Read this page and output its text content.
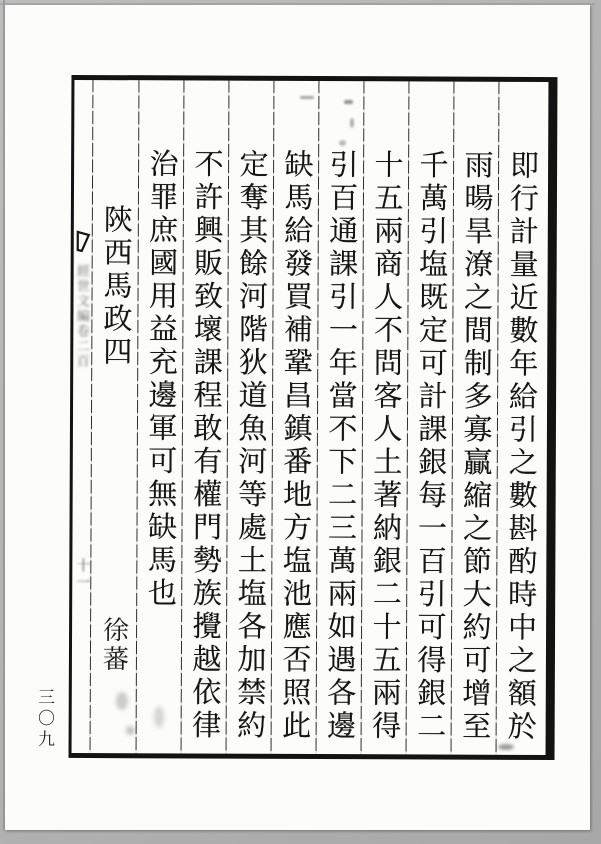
經世文編卷二百
十一
陝西馬政四
徐蕃
治罪庶國用益充邊軍可無缺馬也 不許興販致壞課程敢有權門勢族攪越依律 定奪其餘河階狄道魚河等處土塩各加禁約 缺馬給發買補鞏昌鎮番地方塩池應否照此 引百通課引一年當不下二三萬兩如遇各邊 十五兩商人不問客人土著納銀二十五兩得 千萬引塩既定可計課銀每一百引可得銀二 雨暘旱潦之間制多寡贏縮之節大約可增至 即行計量近數年給引之數斟酌時中之額於
三〇九
